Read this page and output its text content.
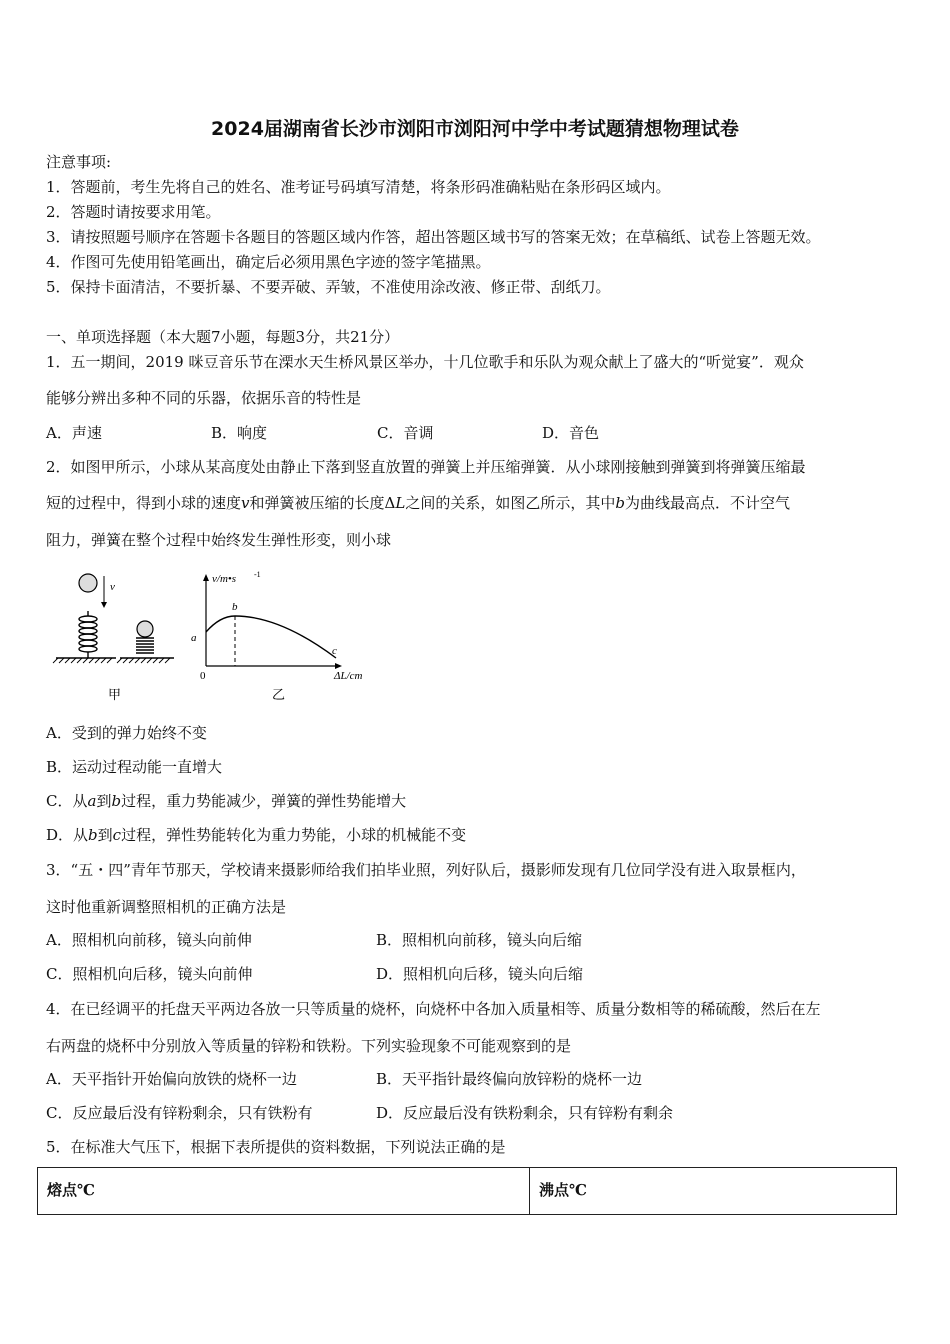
2024届湖南省长沙市浏阳市浏阳河中学中考试题猜想物理试卷
注意事项:
1．答题前，考生先将自己的姓名、准考证号码填写清楚，将条形码准确粘贴在条形码区域内。
2．答题时请按要求用笔。
3．请按照题号顺序在答题卡各题目的答题区域内作答，超出答题区域书写的答案无效；在草稿纸、试卷上答题无效。
4．作图可先使用铅笔画出，确定后必须用黑色字迹的签字笔描黑。
5．保持卡面清洁，不要折暴、不要弄破、弄皱，不准使用涂改液、修正带、刮纸刀。
一、单项选择题（本大题7小题，每题3分，共21分）
1．五一期间，2019 咪豆音乐节在溧水天生桥风景区举办，十几位歌手和乐队为观众献上了盛大的“听觉宴”．观众
能够分辨出多种不同的乐器，依据乐音的特性是
A．声速	B．响度	C．音调	D．音色
2．如图甲所示，小球从某高度处由静止下落到竖直放置的弹簧上并压缩弹簧．从小球刚接触到弹簧到将弹簧压缩最
短的过程中，得到小球的速度v和弹簧被压缩的长度ΔL之间的关系，如图乙所示，其中b为曲线最高点．不计空气
阻力，弹簧在整个过程中始终发生弹性形变，则小球
v
甲
v/m•s -1
ΔL/cm
0
a
b
c
乙
A．受到的弹力始终不变
B．运动过程动能一直增大
C．从a到b过程，重力势能减少，弹簧的弹性势能增大
D．从b到c过程，弹性势能转化为重力势能，小球的机械能不变
3．“五・四”青年节那天，学校请来摄影师给我们拍毕业照，列好队后，摄影师发现有几位同学没有进入取景框内，
这时他重新调整照相机的正确方法是
A．照相机向前移，镜头向前伸	B．照相机向前移，镜头向后缩
C．照相机向后移，镜头向前伸	D．照相机向后移，镜头向后缩
4．在已经调平的托盘天平两边各放一只等质量的烧杯，向烧杯中各加入质量相等、质量分数相等的稀硫酸，然后在左
右两盘的烧杯中分别放入等质量的锌粉和铁粉。下列实验现象不可能观察到的是
A．天平指针开始偏向放铁的烧杯一边	B．天平指针最终偏向放锌粉的烧杯一边
C．反应最后没有锌粉剩余，只有铁粉有	D．反应最后没有铁粉剩余，只有锌粉有剩余
5．在标准大气压下，根据下表所提供的资料数据，下列说法正确的是
熔点℃	沸点℃
